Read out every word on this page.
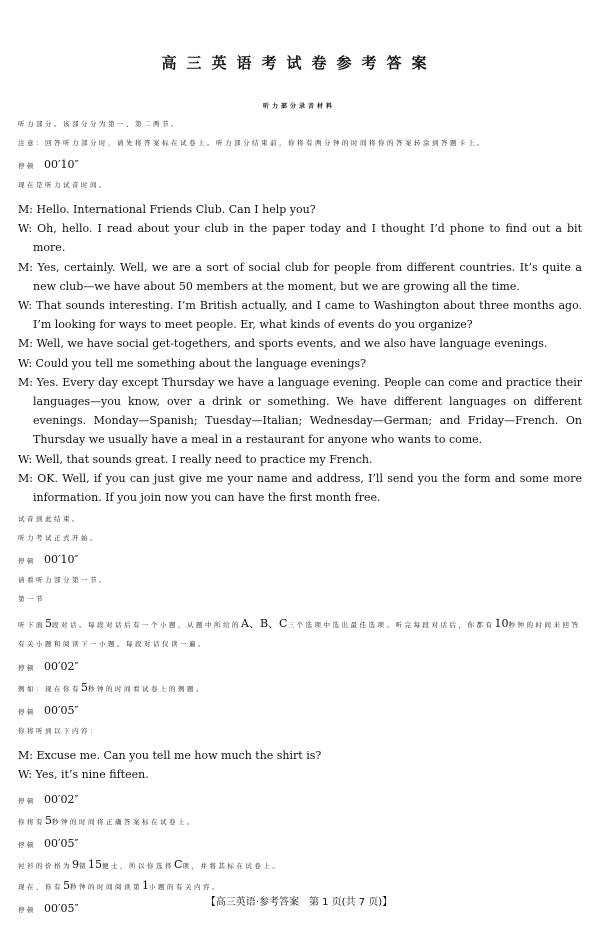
高三英语考试卷参考答案
听力部分录音材料

听力部分。该部分分为第一、第二两节。

注意：回答听力部分时，请先将答案标在试卷上。听力部分结束前，你将有两分钟的时间将你的答案转涂到答题卡上。

停顿 00′10″

现在是听力试音时间。

M: Hello. International Friends Club. Can I help you?

W: Oh, hello. I read about your club in the paper today and I thought I’d phone to find out a bit more.

M: Yes, certainly. Well, we are a sort of social club for people from different countries. It’s quite a new club—we have about 50 members at the moment, but we are growing all the time.

W: That sounds interesting. I’m British actually, and I came to Washington about three months ago. I’m looking for ways to meet people. Er, what kinds of events do you organize?

M: Well, we have social get-togethers, and sports events, and we also have language evenings.

W: Could you tell me something about the language evenings?

M: Yes. Every day except Thursday we have a language evening. People can come and practice their languages—you know, over a drink or something. We have different languages on different evenings. Monday—Spanish; Tuesday—Italian; Wednesday—German; and Friday—French. On Thursday we usually have a meal in a restaurant for anyone who wants to come.

W: Well, that sounds great. I really need to practice my French.

M: OK. Well, if you can just give me your name and address, I’ll send you the form and some more information. If you join now you can have the first month free.

试音到此结束。

听力考试正式开始。

停顿 00′10″

请看听力部分第一节。

第一节

听下面5段对话。每段对话后有一个小题，从题中所给的A、B、C三个选项中选出最佳选项。听完每段对话后，你都有10秒钟的时间来回答有关小题和阅读下一小题。每段对话仅读一遍。

停顿 00′02″

例如：现在你有5秒钟的时间看试卷上的例题。

停顿 00′05″

你将听到以下内容：

M: Excuse me. Can you tell me how much the shirt is?

W: Yes, it’s nine fifteen.

停顿 00′02″

你将有5秒钟的时间将正确答案标在试卷上。

停顿 00′05″

衬衫的价格为9镑15便士，所以你选择C项，并将其标在试卷上。

现在，你有5秒钟的时间阅读第1小题的有关内容。

停顿 00′05″	【高三英语·参考答案　第 1 页(共 7 页)】
